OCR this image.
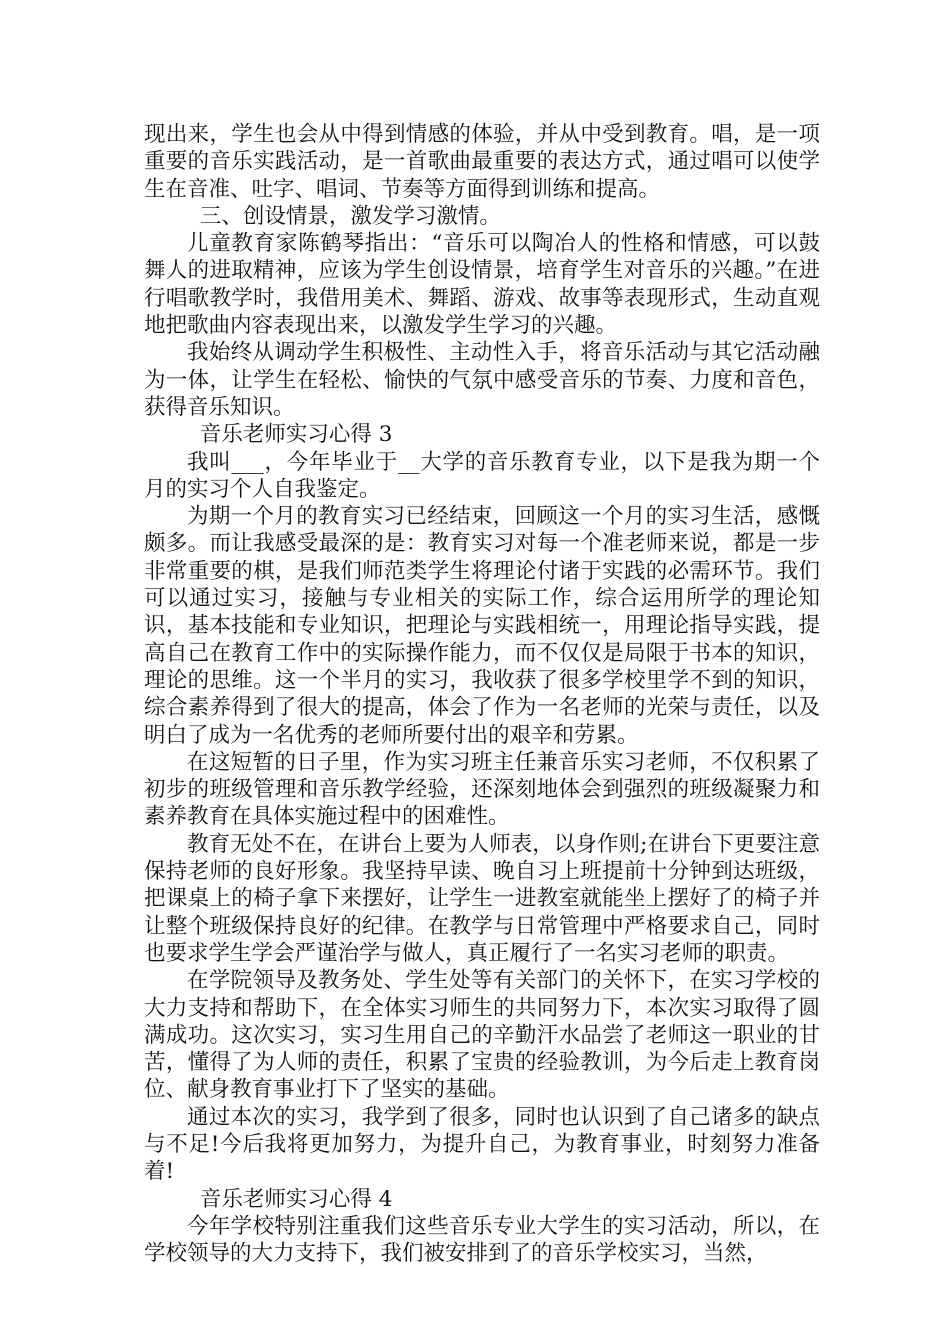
现出来，学生也会从中得到情感的体验，并从中受到教育。唱，是一项重要的音乐实践活动，是一首歌曲最重要的表达方式，通过唱可以使学生在音准、吐字、唱词、节奏等方面得到训练和提高。

三、创设情景，激发学习激情。

儿童教育家陈鹤琴指出：“音乐可以陶冶人的性格和情感，可以鼓舞人的进取精神，应该为学生创设情景，培育学生对音乐的兴趣。”在进行唱歌教学时，我借用美术、舞蹈、游戏、故事等表现形式，生动直观地把歌曲内容表现出来，以激发学生学习的兴趣。

我始终从调动学生积极性、主动性入手，将音乐活动与其它活动融为一体，让学生在轻松、愉快的气氛中感受音乐的节奏、力度和音色，获得音乐知识。

音乐老师实习心得 3

我叫___，今年毕业于__大学的音乐教育专业，以下是我为期一个月的实习个人自我鉴定。

为期一个月的教育实习已经结束，回顾这一个月的实习生活，感慨颇多。而让我感受最深的是：教育实习对每一个准老师来说，都是一步非常重要的棋，是我们师范类学生将理论付诸于实践的必需环节。我们可以通过实习，接触与专业相关的实际工作，综合运用所学的理论知识，基本技能和专业知识，把理论与实践相统一，用理论指导实践，提高自己在教育工作中的实际操作能力，而不仅仅是局限于书本的知识，理论的思维。这一个半月的实习，我收获了很多学校里学不到的知识，综合素养得到了很大的提高，体会了作为一名老师的光荣与责任，以及明白了成为一名优秀的老师所要付出的艰辛和劳累。

在这短暂的日子里，作为实习班主任兼音乐实习老师，不仅积累了初步的班级管理和音乐教学经验，还深刻地体会到强烈的班级凝聚力和素养教育在具体实施过程中的困难性。

教育无处不在，在讲台上要为人师表，以身作则;在讲台下更要注意保持老师的良好形象。我坚持早读、晚自习上班提前十分钟到达班级，把课桌上的椅子拿下来摆好，让学生一进教室就能坐上摆好了的椅子并让整个班级保持良好的纪律。在教学与日常管理中严格要求自己，同时也要求学生学会严谨治学与做人，真正履行了一名实习老师的职责。

在学院领导及教务处、学生处等有关部门的关怀下，在实习学校的大力支持和帮助下，在全体实习师生的共同努力下，本次实习取得了圆满成功。这次实习，实习生用自己的辛勤汗水品尝了老师这一职业的甘苦，懂得了为人师的责任，积累了宝贵的经验教训，为今后走上教育岗位、献身教育事业打下了坚实的基础。

通过本次的实习，我学到了很多，同时也认识到了自己诸多的缺点与不足!今后我将更加努力，为提升自己，为教育事业，时刻努力准备着!

音乐老师实习心得 4

今年学校特别注重我们这些音乐专业大学生的实习活动，所以，在学校领导的大力支持下，我们被安排到了的音乐学校实习，当然，
